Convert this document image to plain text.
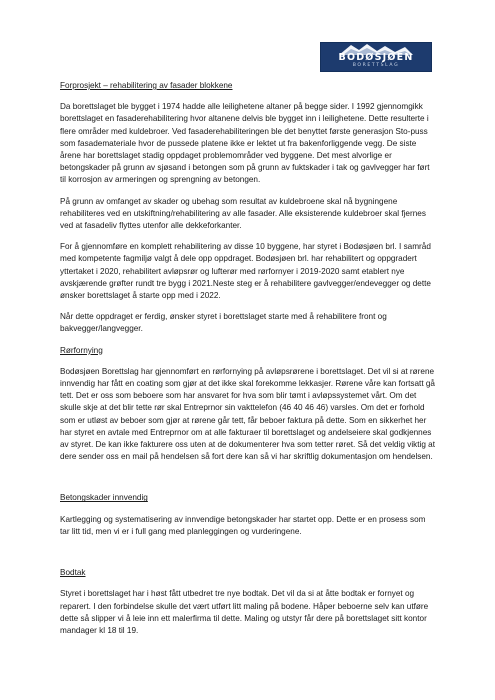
BODØSJØEN
BORETTSLAG
Forprosjekt – rehabilitering av fasader blokkene

Da borettslaget ble bygget i 1974 hadde alle leilighetene altaner på begge sider. I 1992 gjennomgikk borettslaget en fasaderehabilitering hvor altanene delvis ble bygget inn i leilighetene. Dette resulterte i flere områder med kuldebroer. Ved fasaderehabiliteringen ble det benyttet første generasjon Sto-puss som fasademateriale hvor de pussede platene ikke er lektet ut fra bakenforliggende vegg. De siste årene har borettslaget stadig oppdaget problemområder ved byggene. Det mest alvorlige er betongskader på grunn av sjøsand i betongen som på grunn av fuktskader i tak og gavlvegger har ført til korrosjon av armeringen og sprengning av betongen.

På grunn av omfanget av skader og ubehag som resultat av kuldebroene skal nå bygningene rehabiliteres ved en utskiftning/rehabilitering av alle fasader. Alle eksisterende kuldebroer skal fjernes ved at fasadeliv flyttes utenfor alle dekkeforkanter.

For å gjennomføre en komplett rehabilitering av disse 10 byggene, har styret i Bodøsjøen brl. I samråd med kompetente fagmiljø valgt å dele opp oppdraget. Bodøsjøen brl. har rehabilitert og oppgradert yttertaket i 2020, rehabilitert avløpsrør og lufterør med rørfornyer i 2019-2020 samt etablert nye avskjærende grøfter rundt tre bygg i 2021.Neste steg er å rehabilitere gavlvegger/endevegger og dette ønsker borettslaget å starte opp med i 2022.

Når dette oppdraget er ferdig, ønsker styret i borettslaget starte med å rehabilitere front og bakvegger/langvegger.

Rørfornying

Bodøsjøen Borettslag har gjennomført en rørfornying på avløpsrørene i borettslaget. Det vil si at rørene innvendig har fått en coating som gjør at det ikke skal forekomme lekkasjer. Rørene våre kan fortsatt gå tett. Det er oss som beboere som har ansvaret for hva som blir tømt i avløpssystemet vårt. Om det skulle skje at det blir tette rør skal Entreprnor sin vakttelefon (46 40 46 46) varsles. Om det er forhold som er utløst av beboer som gjør at rørene går tett, får beboer faktura på dette. Som en sikkerhet her har styret en avtale med Entreprnor om at alle fakturaer til borettslaget og andelseiere skal godkjennes av styret. De kan ikke fakturere oss uten at de dokumenterer hva som tetter røret. Så det veldig viktig at dere sender oss en mail på hendelsen så fort dere kan så vi har skriftlig dokumentasjon om hendelsen.

Betongskader innvendig

Kartlegging og systematisering av innvendige betongskader har startet opp. Dette er en prosess som tar litt tid, men vi er i full gang med planleggingen og vurderingene.

Bodtak

Styret i borettslaget har i høst fått utbedret tre nye bodtak. Det vil da si at åtte bodtak er fornyet og reparert. I den forbindelse skulle det vært utført litt maling på bodene. Håper beboerne selv kan utføre dette så slipper vi å leie inn ett malerfirma til dette. Maling og utstyr får dere på borettslaget sitt kontor mandager kl 18 til 19.
